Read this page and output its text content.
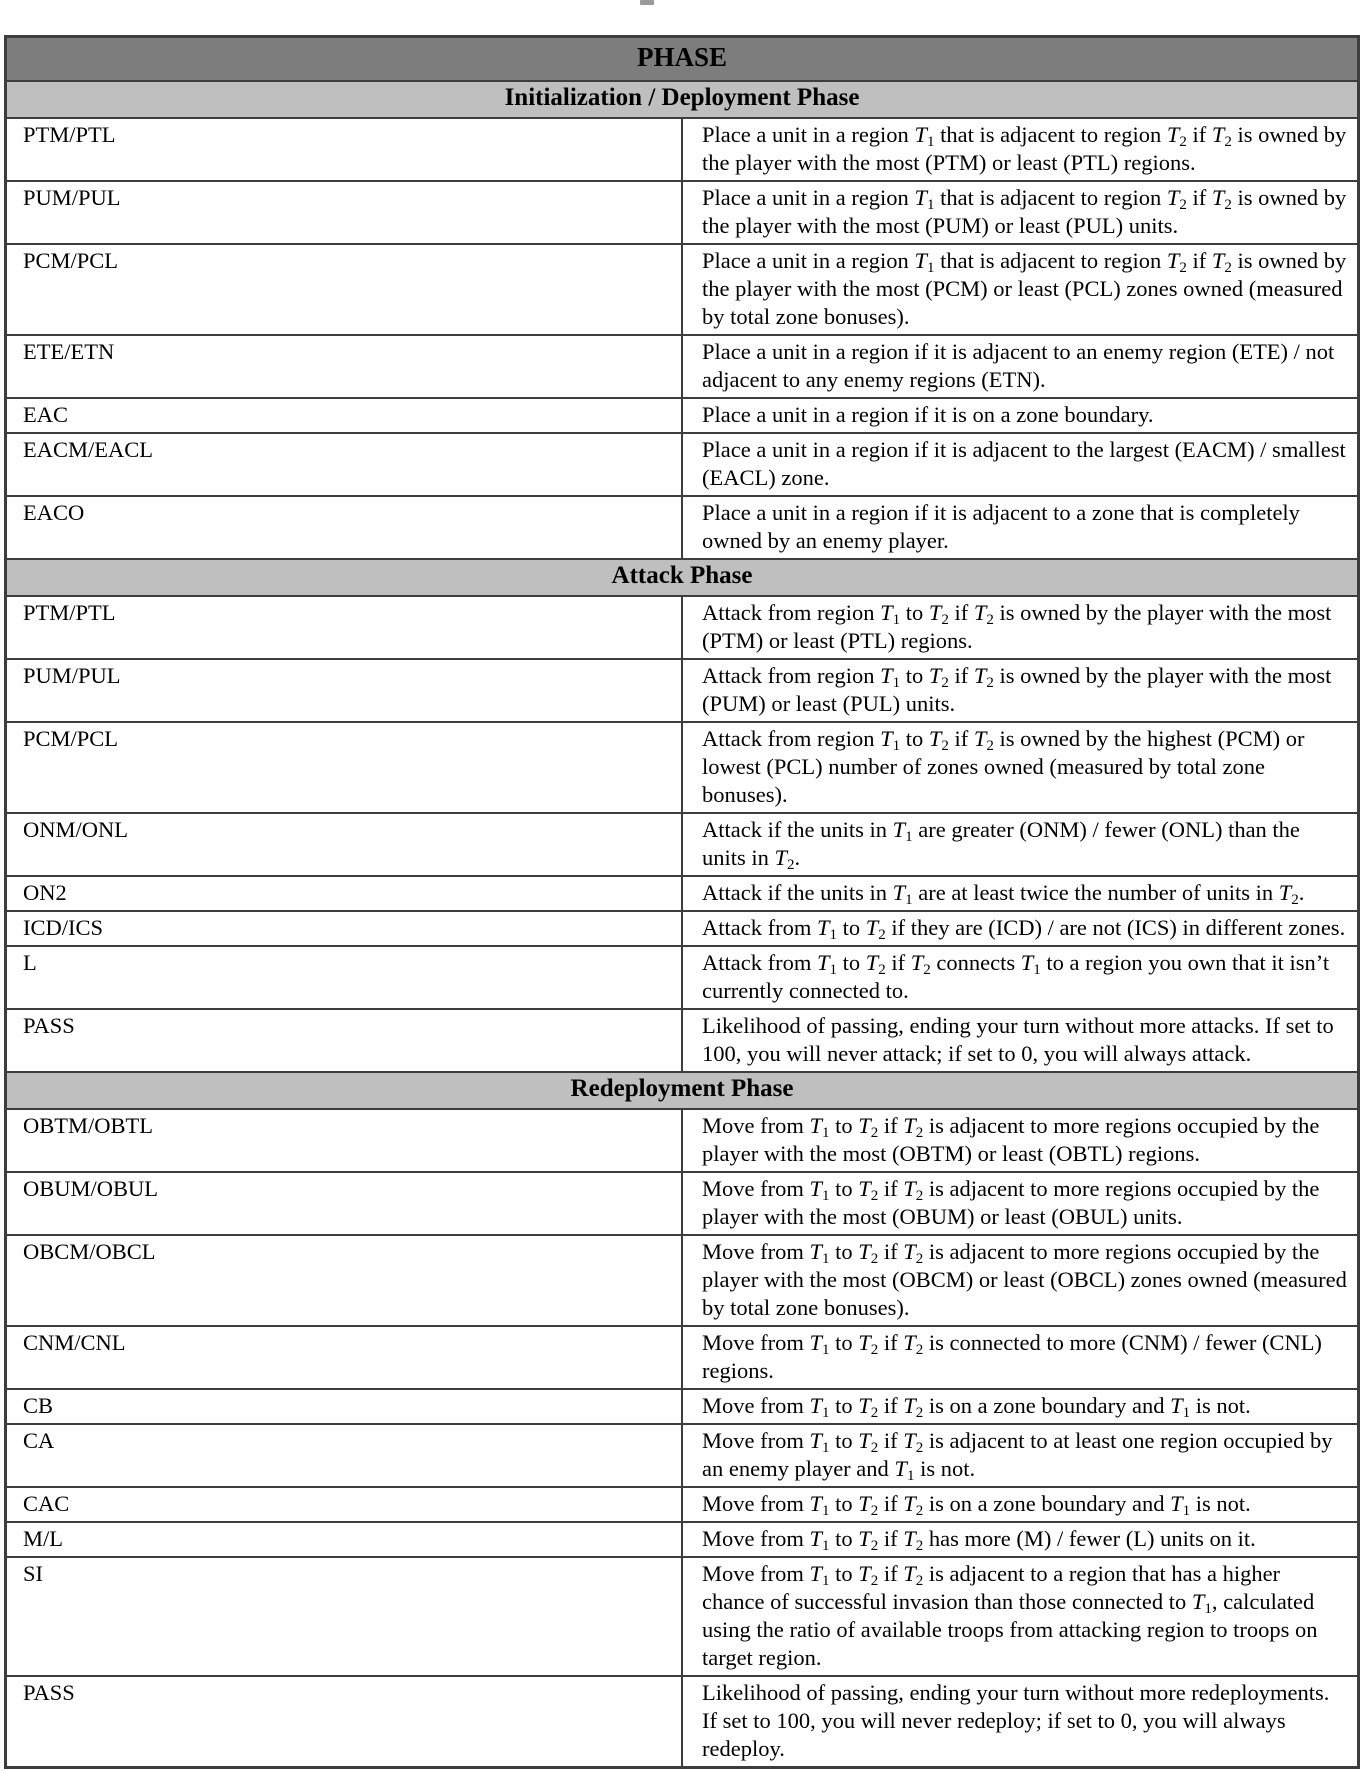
PHASE	
Initialization / Deployment Phase	
PTM/PTL	Place a unit in a region $T_1$ that is adjacent to region $T_2$ if $T_2$ is owned by the player with the most (PTM) or least (PTL) regions.
PUM/PUL	Place a unit in a region $T_1$ that is adjacent to region $T_2$ if $T_2$ is owned by the player with the most (PUM) or least (PUL) units.
PCM/PCL	Place a unit in a region $T_1$ that is adjacent to region $T_2$ if $T_2$ is owned by the player with the most (PCM) or least (PCL) zones owned (measured by total zone bonuses).
ETE/ETN	Place a unit in a region if it is adjacent to an enemy region (ETE) / not adjacent to any enemy regions (ETN).
EAC	Place a unit in a region if it is on a zone boundary.
EACM/EACL	Place a unit in a region if it is adjacent to the largest (EACM) / smallest (EACL) zone.
EACO	Place a unit in a region if it is adjacent to a zone that is completely owned by an enemy player.
Attack Phase	
PTM/PTL	Attack from region $T_1$ to $T_2$ if $T_2$ is owned by the player with the most (PTM) or least (PTL) regions.
PUM/PUL	Attack from region $T_1$ to $T_2$ if $T_2$ is owned by the player with the most (PUM) or least (PUL) units.
PCM/PCL	Attack from region $T_1$ to $T_2$ if $T_2$ is owned by the highest (PCM) or lowest (PCL) number of zones owned (measured by total zone bonuses).
ONM/ONL	Attack if the units in $T_1$ are greater (ONM) / fewer (ONL) than the units in $T_2$.
ON2	Attack if the units in $T_1$ are at least twice the number of units in $T_2$.
ICD/ICS	Attack from $T_1$ to $T_2$ if they are (ICD) / are not (ICS) in different zones.
L	Attack from $T_1$ to $T_2$ if $T_2$ connects $T_1$ to a region you own that it isn’t currently connected to.
PASS	Likelihood of passing, ending your turn without more attacks. If set to 100, you will never attack; if set to 0, you will always attack.
Redeployment Phase	
OBTM/OBTL	Move from $T_1$ to $T_2$ if $T_2$ is adjacent to more regions occupied by the player with the most (OBTM) or least (OBTL) regions.
OBUM/OBUL	Move from $T_1$ to $T_2$ if $T_2$ is adjacent to more regions occupied by the player with the most (OBUM) or least (OBUL) units.
OBCM/OBCL	Move from $T_1$ to $T_2$ if $T_2$ is adjacent to more regions occupied by the player with the most (OBCM) or least (OBCL) zones owned (measured by total zone bonuses).
CNM/CNL	Move from $T_1$ to $T_2$ if $T_2$ is connected to more (CNM) / fewer (CNL) regions.
CB	Move from $T_1$ to $T_2$ if $T_2$ is on a zone boundary and $T_1$ is not.
CA	Move from $T_1$ to $T_2$ if $T_2$ is adjacent to at least one region occupied by an enemy player and $T_1$ is not.
CAC	Move from $T_1$ to $T_2$ if $T_2$ is on a zone boundary and $T_1$ is not.
M/L	Move from $T_1$ to $T_2$ if $T_2$ has more (M) / fewer (L) units on it.
SI	Move from $T_1$ to $T_2$ if $T_2$ is adjacent to a region that has a higher chance of successful invasion than those connected to $T_1$, calculated using the ratio of available troops from attacking region to troops on target region.
PASS	Likelihood of passing, ending your turn without more redeployments. If set to 100, you will never redeploy; if set to 0, you will always redeploy.
